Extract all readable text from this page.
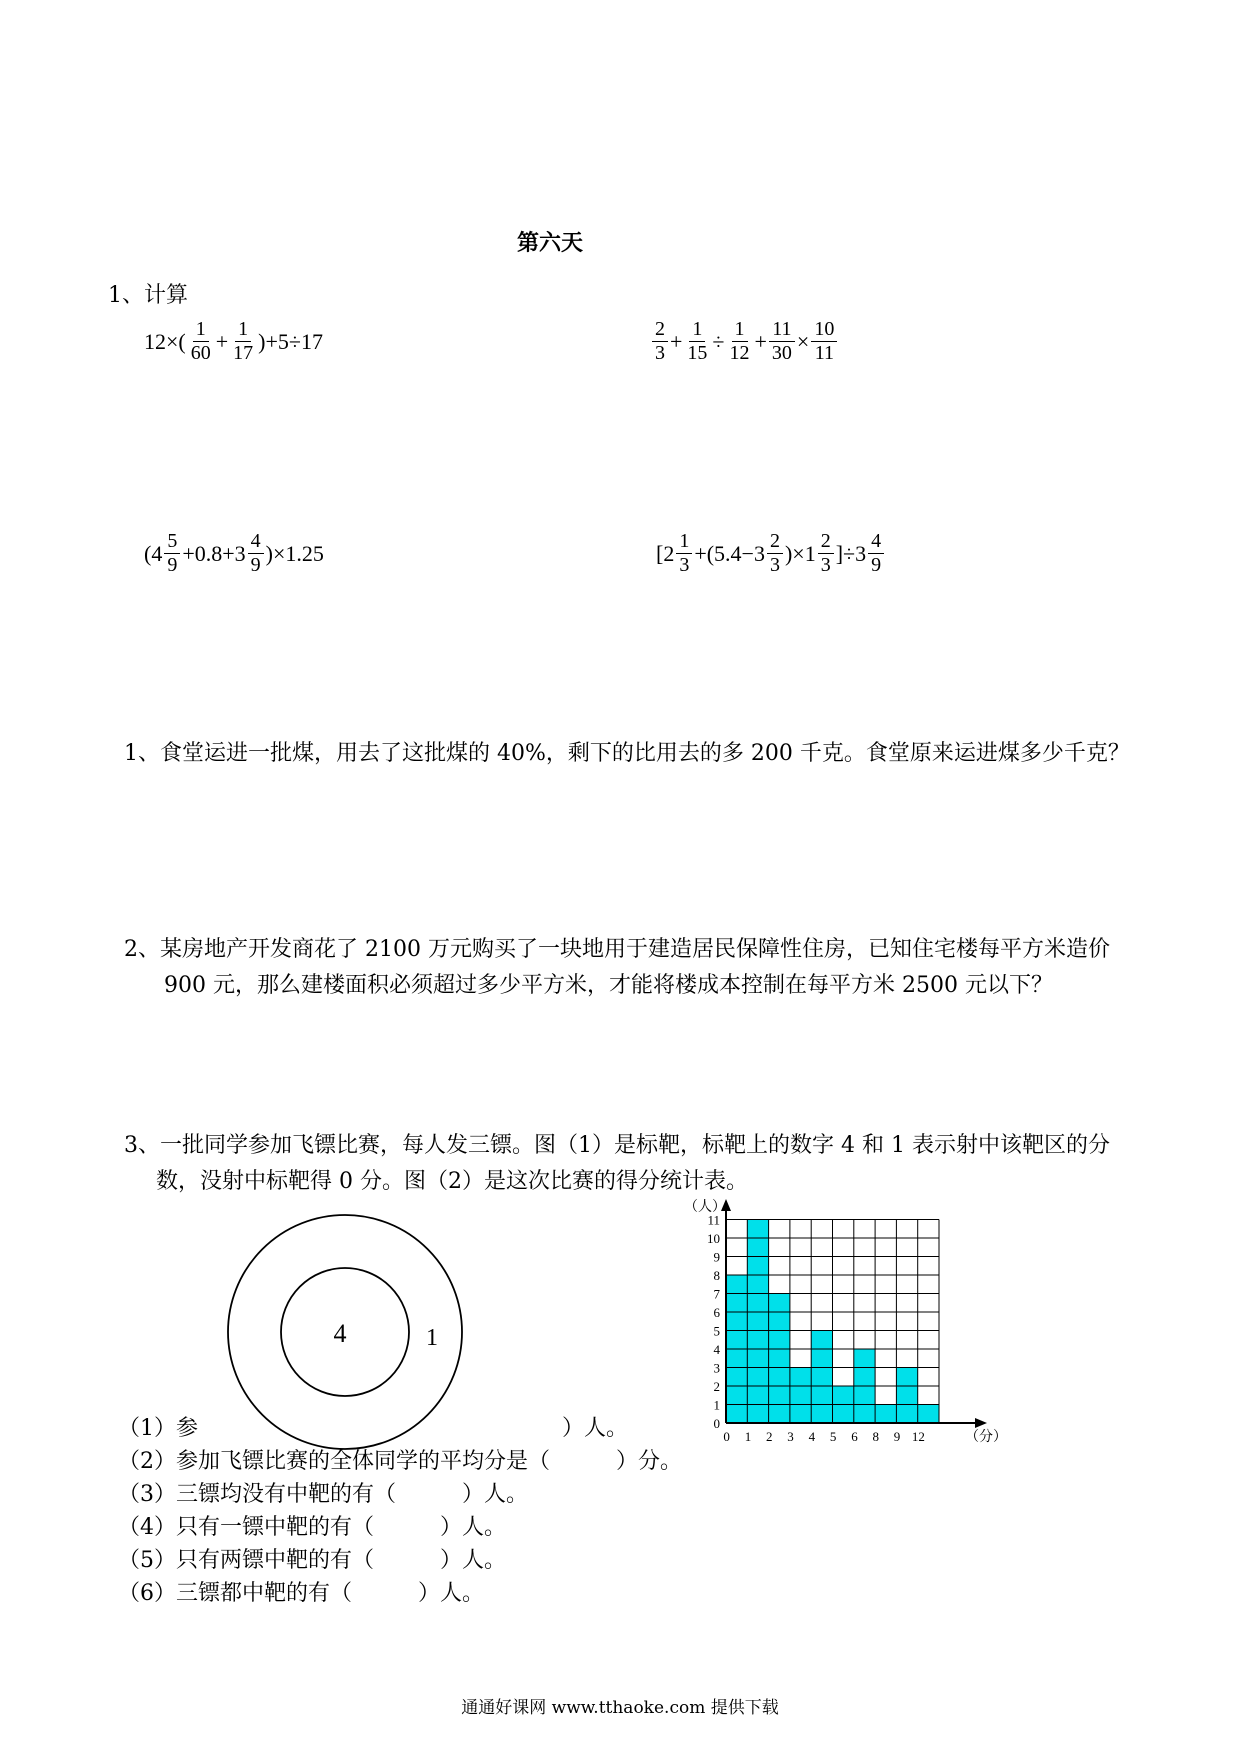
第六天
1、计算
$12\times( \frac{1}{60} + \frac{1}{17} )+5\div 17$	$\frac{2}{3} + \frac{1}{15} \div \frac{1}{12} + \frac{11}{30} \times \frac{10}{11}$
$(4 \frac{5}{9} +0.8+3 \frac{4}{9} )\times 1.25$	$[2 \frac{1}{3} +(5.4-3 \frac{2}{3} )\times 1 \frac{2}{3} ]\div 3 \frac{4}{9}$
1、食堂运进一批煤，用去了这批煤的 40%，剩下的比用去的多 200 千克。食堂原来运进煤多少千克？
2、某房地产开发商花了 2100 万元购买了一块地用于建造居民保障性住房，已知住宅楼每平方米造价 900 元，那么建楼面积必须超过多少平方米，才能将楼成本控制在每平方米 2500 元以下？
3、一批同学参加飞镖比赛，每人发三镖。图（1）是标靶，标靶上的数字 4 和 1 表示射中该靶区的分数，没射中标靶得 0 分。图（2）是这次比赛的得分统计表。
4	1
0
1
2
3
4
5
6
7
8
9
10
11
0 1 2 3 4 5 6 8 9 12
（人）
（分）
（1）参	）人。
（2）参加飞镖比赛的全体同学的平均分是（　　　）分。
（3）三镖均没有中靶的有（　　　）人。
（4）只有一镖中靶的有（　　　）人。
（5）只有两镖中靶的有（　　　）人。
（6）三镖都中靶的有（　　　）人。
通通好课网 www.tthaoke.com 提供下载
